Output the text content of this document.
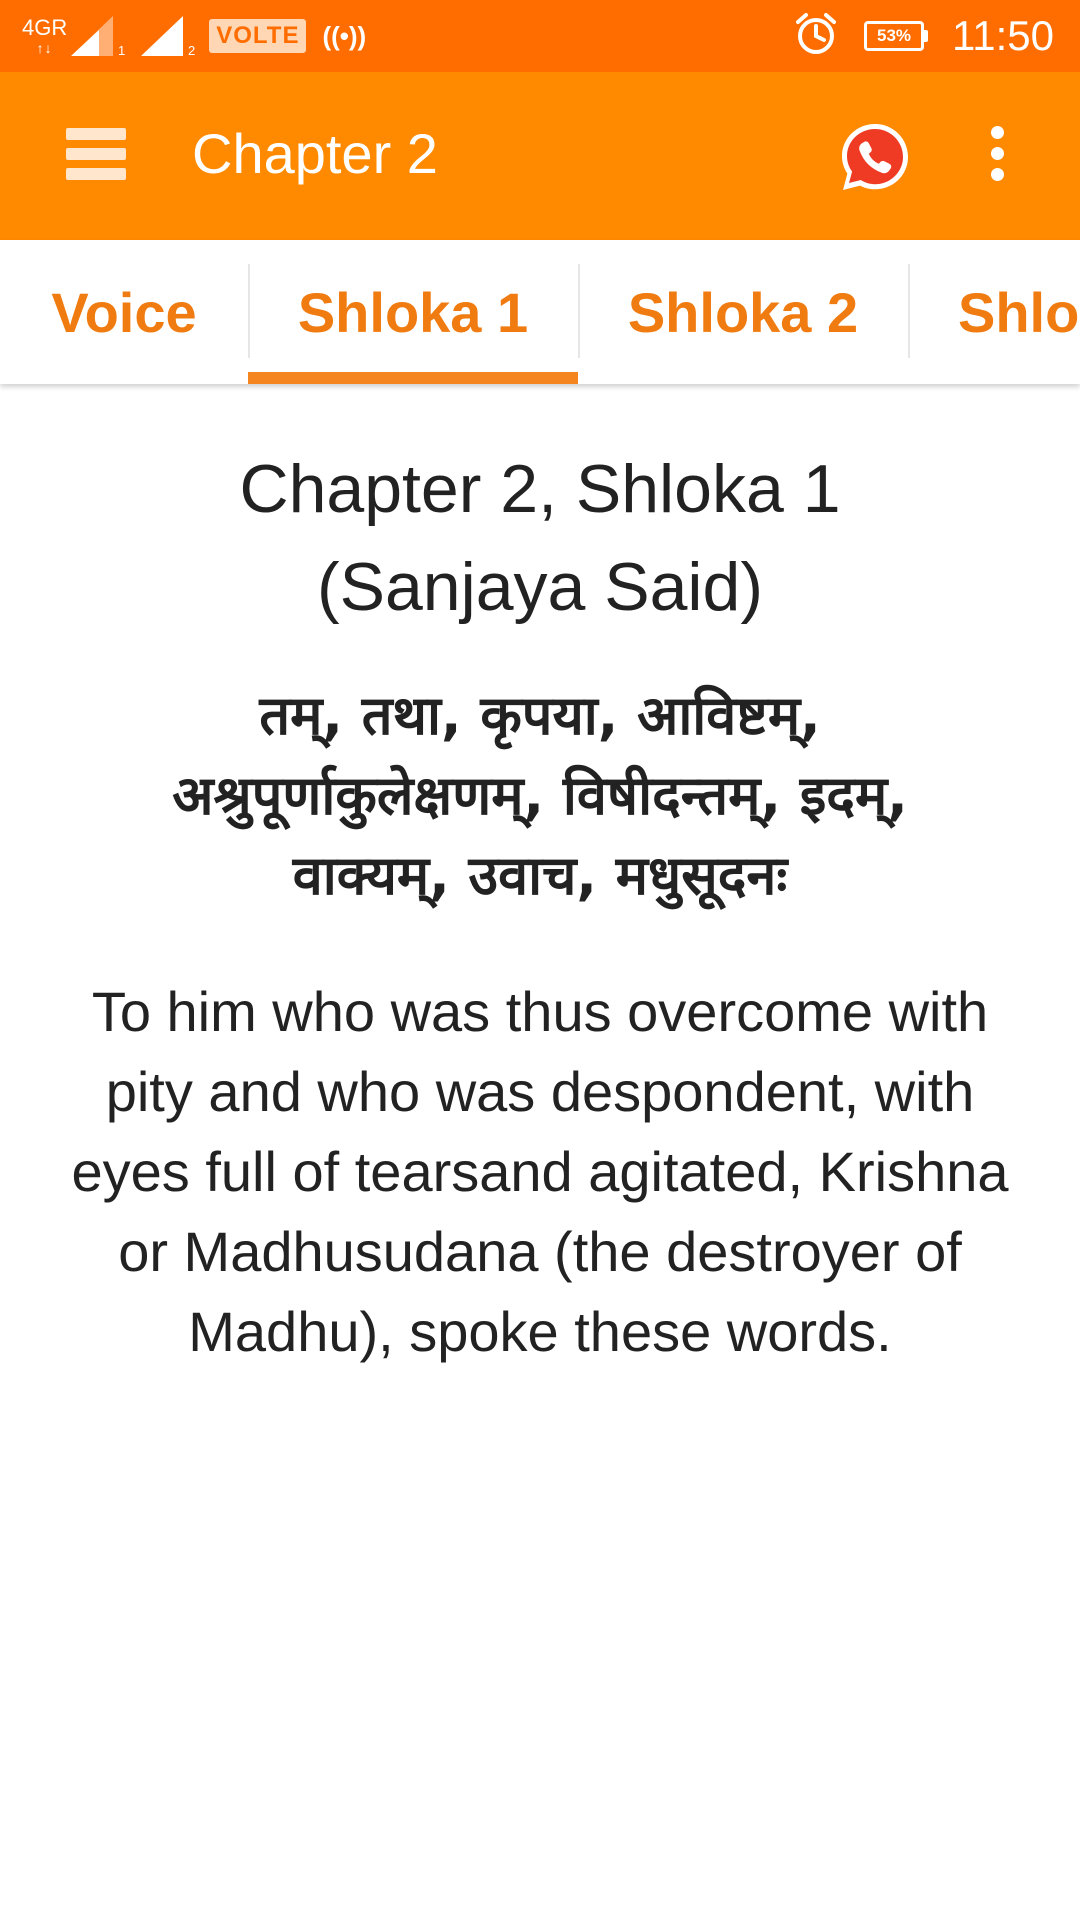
4GR
↑↓	1	2
VOLTE ((•))	53% 11:50
Chapter 2
Voice	Shloka 1	Shloka 2	Shlo
Chapter 2, Shloka 1
(Sanjaya Said)
तम्, तथा, कृपया, आविष्टम्, अश्रुपूर्णाकुलेक्षणम्, विषीदन्तम्, इदम्, वाक्यम्, उवाच, मधुसूदनः
To him who was thus overcome with pity and who was despondent, with eyes full of tearsand agitated, Krishna or Madhusudana (the destroyer of Madhu), spoke these words.
